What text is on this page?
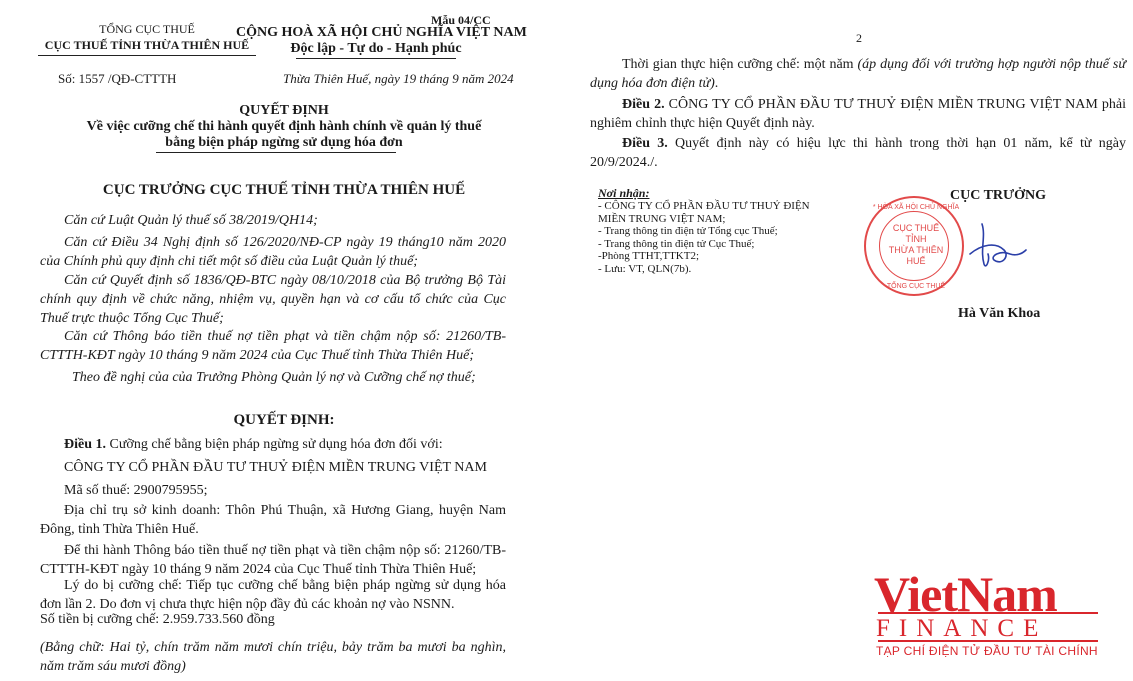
TỔNG CỤC THUẾ
CỤC THUẾ TỈNH THỪA THIÊN HUẾ
Mẫu 04/CC
CỘNG HOÀ XÃ HỘI CHỦ NGHĨA VIỆT NAM
Độc lập - Tự do - Hạnh phúc
Số: 1557 /QĐ-CTTTH	Thừa Thiên Huế, ngày 19 tháng 9 năm 2024
QUYẾT ĐỊNH
Về việc cưỡng chế thi hành quyết định hành chính về quản lý thuế
bằng biện pháp ngừng sử dụng hóa đơn
CỤC TRƯỞNG CỤC THUẾ TỈNH THỪA THIÊN HUẾ
Căn cứ Luật Quản lý thuế số 38/2019/QH14;
Căn cứ Điều 34 Nghị định số 126/2020/NĐ-CP ngày 19 tháng10 năm 2020 của Chính phủ quy định chi tiết một số điều của Luật Quản lý thuế;
Căn cứ Quyết định số 1836/QĐ-BTC ngày 08/10/2018 của Bộ trưởng Bộ Tài chính quy định về chức năng, nhiệm vụ, quyền hạn và cơ cấu tổ chức của Cục Thuế trực thuộc Tổng Cục Thuế;
Căn cứ Thông báo tiền thuế nợ tiền phạt và tiền chậm nộp số: 21260/TB-CTTTH-KĐT ngày 10 tháng 9 năm 2024 của Cục Thuế tỉnh Thừa Thiên Huế;
Theo đề nghị của của Trưởng Phòng Quản lý nợ và Cưỡng chế nợ thuế;
QUYẾT ĐỊNH:
Điều 1. Cưỡng chế bằng biện pháp ngừng sử dụng hóa đơn đối với:
CÔNG TY CỔ PHẦN ĐẦU TƯ THUỶ ĐIỆN MIỀN TRUNG VIỆT NAM
Mã số thuế: 2900795955;
Địa chỉ trụ sở kinh doanh: Thôn Phú Thuận, xã Hương Giang, huyện Nam Đông, tỉnh Thừa Thiên Huế.
Để thi hành Thông báo tiền thuế nợ tiền phạt và tiền chậm nộp số: 21260/TB-CTTTH-KĐT ngày 10 tháng 9 năm 2024 của Cục Thuế tỉnh Thừa Thiên Huế;
Lý do bị cưỡng chế: Tiếp tục cưỡng chế bằng biện pháp ngừng sử dụng hóa đơn lần 2. Do đơn vị chưa thực hiện nộp đầy đủ các khoản nợ vào NSNN.
Số tiền bị cưỡng chế: 2.959.733.560 đồng
(Bằng chữ: Hai tỷ, chín trăm năm mươi chín triệu, bảy trăm ba mươi ba nghìn, năm trăm sáu mươi đồng)
2
Thời gian thực hiện cưỡng chế: một năm (áp dụng đối với trường hợp người nộp thuế sử dụng hóa đơn điện tử).
Điều 2. CÔNG TY CỔ PHẦN ĐẦU TƯ THUỶ ĐIỆN MIỀN TRUNG VIỆT NAM phải nghiêm chỉnh thực hiện Quyết định này.
Điều 3. Quyết định này có hiệu lực thi hành trong thời hạn 01 năm, kể từ ngày 20/9/2024./.
Nơi nhận:
- CÔNG TY CỔ PHẦN ĐẦU TƯ THUỶ ĐIỆN
MIỀN TRUNG VIỆT NAM;
- Trang thông tin điện tử Tổng cục Thuế;
- Trang thông tin điện tử Cục Thuế;
-Phòng TTHT,TTKT2;
- Lưu: VT, QLN(7b).
CỤC TRƯỞNG
* HÒA XÃ HỘI CHỦ NGHĨA
CỤC THUẾ
TỈNH
THỪA THIÊN
HUẾ
TỔNG CỤC THUẾ
Hà Văn Khoa
VietNam
FINANCE
TẠP CHÍ ĐIỆN TỬ ĐẦU TƯ TÀI CHÍNH
